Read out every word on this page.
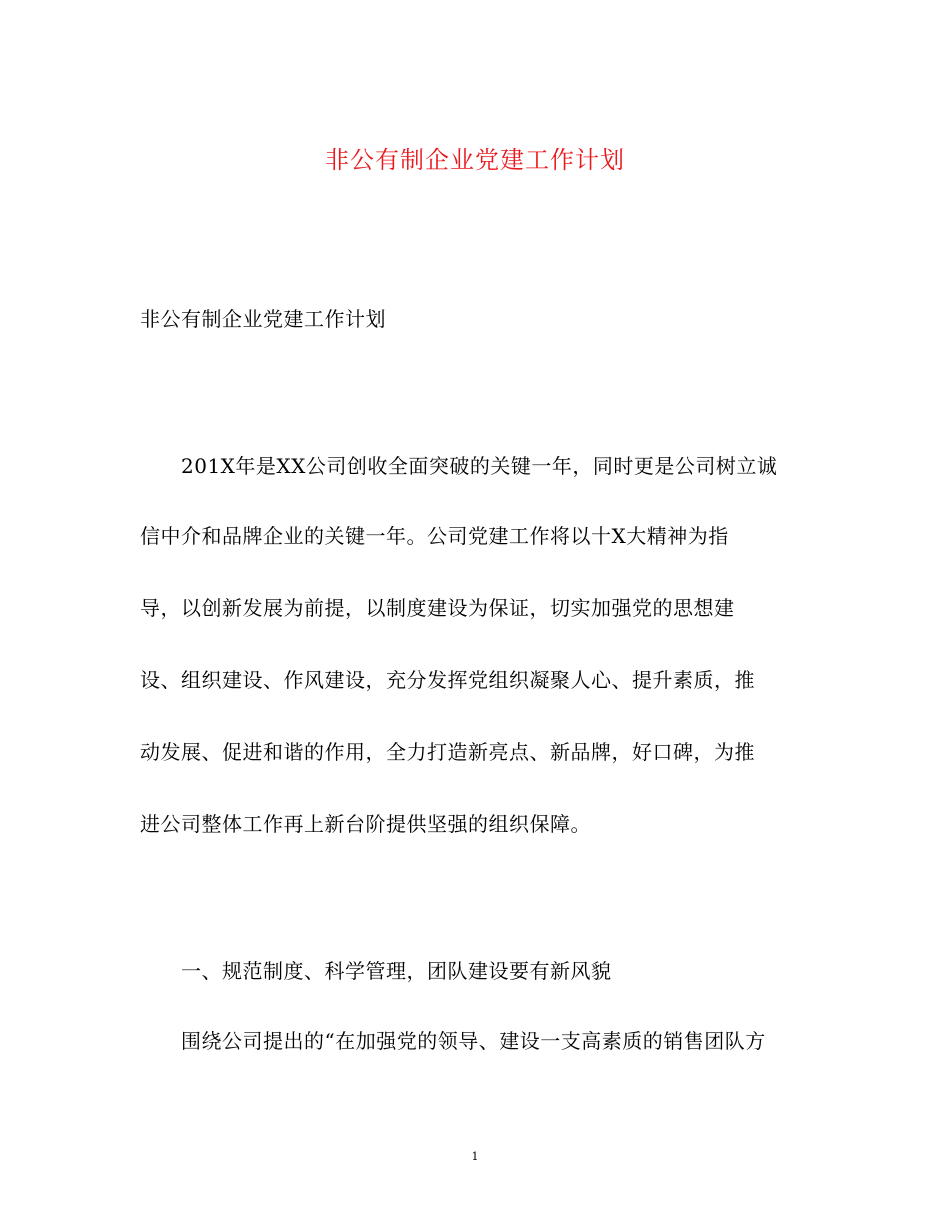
非公有制企业党建工作计划
非公有制企业党建工作计划
　　201X年是XX公司创收全面突破的关键一年，同时更是公司树立诚
信中介和品牌企业的关键一年。公司党建工作将以十X大精神为指
导，以创新发展为前提，以制度建设为保证，切实加强党的思想建
设、组织建设、作风建设，充分发挥党组织凝聚人心、提升素质，推
动发展、促进和谐的作用，全力打造新亮点、新品牌，好口碑，为推
进公司整体工作再上新台阶提供坚强的组织保障。
　　一、规范制度、科学管理，团队建设要有新风貌
　　围绕公司提出的“在加强党的领导、建设一支高素质的销售团队方
1
